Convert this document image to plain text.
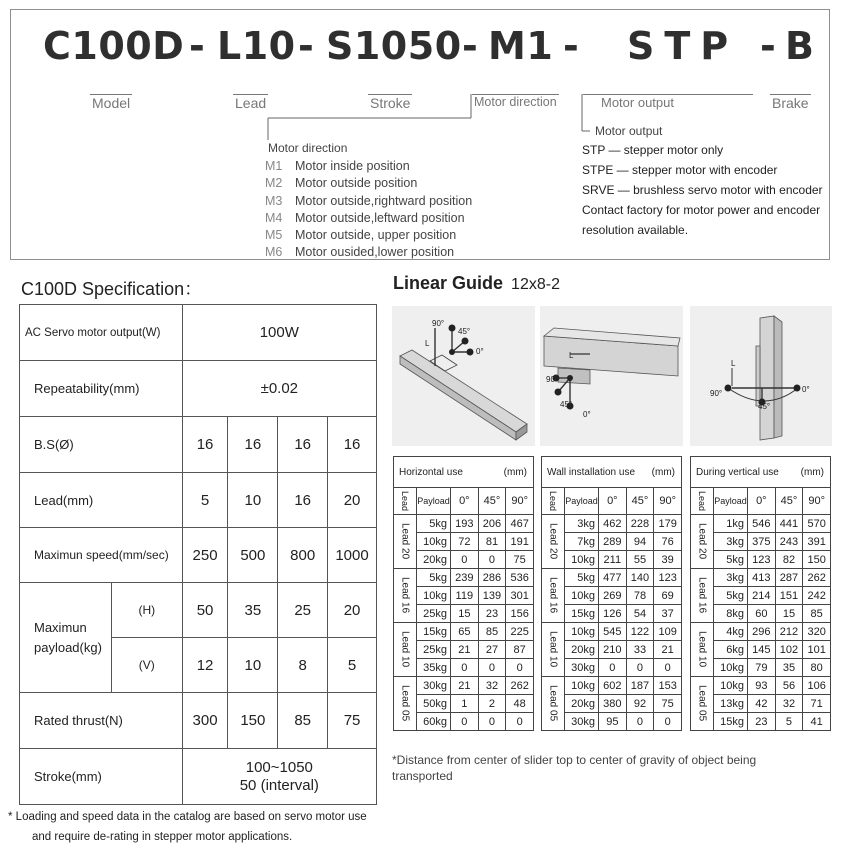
C100D - L10 - S1050 - M1 - STP - B
Model	Lead	Stroke	Motor direction	Motor output	Brake
Motor direction
M1 Motor inside position
M2 Motor outside position
M3 Motor outside,rightward position
M4 Motor outside,leftward position
M5 Motor outside, upper position
M6 Motor ousided,lower position
Motor output
STP — stepper motor only
STPE — stepper motor with encoder
SRVE — brushless servo motor with encoder
Contact factory for motor power and encoder
resolution available.
C100D Specification：
AC Servo motor output(W)		100W			
Repeatability(mm)		±0.02			
B.S(Ø)		16	16	16	16
Lead(mm)		5	10	16	20
Maximun speed(mm/sec)		250	500	800	1000
Maximun payload(kg)	(H)	50	35	25	20
	(V)	12	10	8	5
Rated thrust(N)		300	150	85	75
Stroke(mm)		100~1050
50 (interval)			
* Loading and speed data in the catalog are based on servo motor use
and require de-rating in stepper motor applications.
Linear Guide 12x8-2
90°
45°
0°
L
90°
45°
0°
L
90°
45°
0°
L
Horizontal use (mm)				

Lead	Payload	0°	45°	90°
Lead 20	5kg	193	206	467
	10kg	72	81	191
	20kg	0	0	75
Lead 16	5kg	239	286	536
	10kg	119	139	301
	25kg	15	23	156
Lead 10	15kg	65	85	225
	25kg	21	27	87
	35kg	0	0	0
Lead 05	30kg	21	32	262
	50kg	1	2	48
	60kg	0	0	0
Wall installation use (mm)				

Lead	Payload	0°	45°	90°
Lead 20	3kg	462	228	179
	7kg	289	94	76
	10kg	211	55	39
Lead 16	5kg	477	140	123
	10kg	269	78	69
	15kg	126	54	37
Lead 10	10kg	545	122	109
	20kg	210	33	21
	30kg	0	0	0
Lead 05	10kg	602	187	153
	20kg	380	92	75
	30kg	95	0	0
During vertical use (mm)				

Lead	Payload	0°	45°	90°
Lead 20	1kg	546	441	570
	3kg	375	243	391
	5kg	123	82	150
Lead 16	3kg	413	287	262
	5kg	214	151	242
	8kg	60	15	85
Lead 10	4kg	296	212	320
	6kg	145	102	101
	10kg	79	35	80
Lead 05	10kg	93	56	106
	13kg	42	32	71
	15kg	23	5	41
*Distance from center of slider top to center of gravity of object being transported
